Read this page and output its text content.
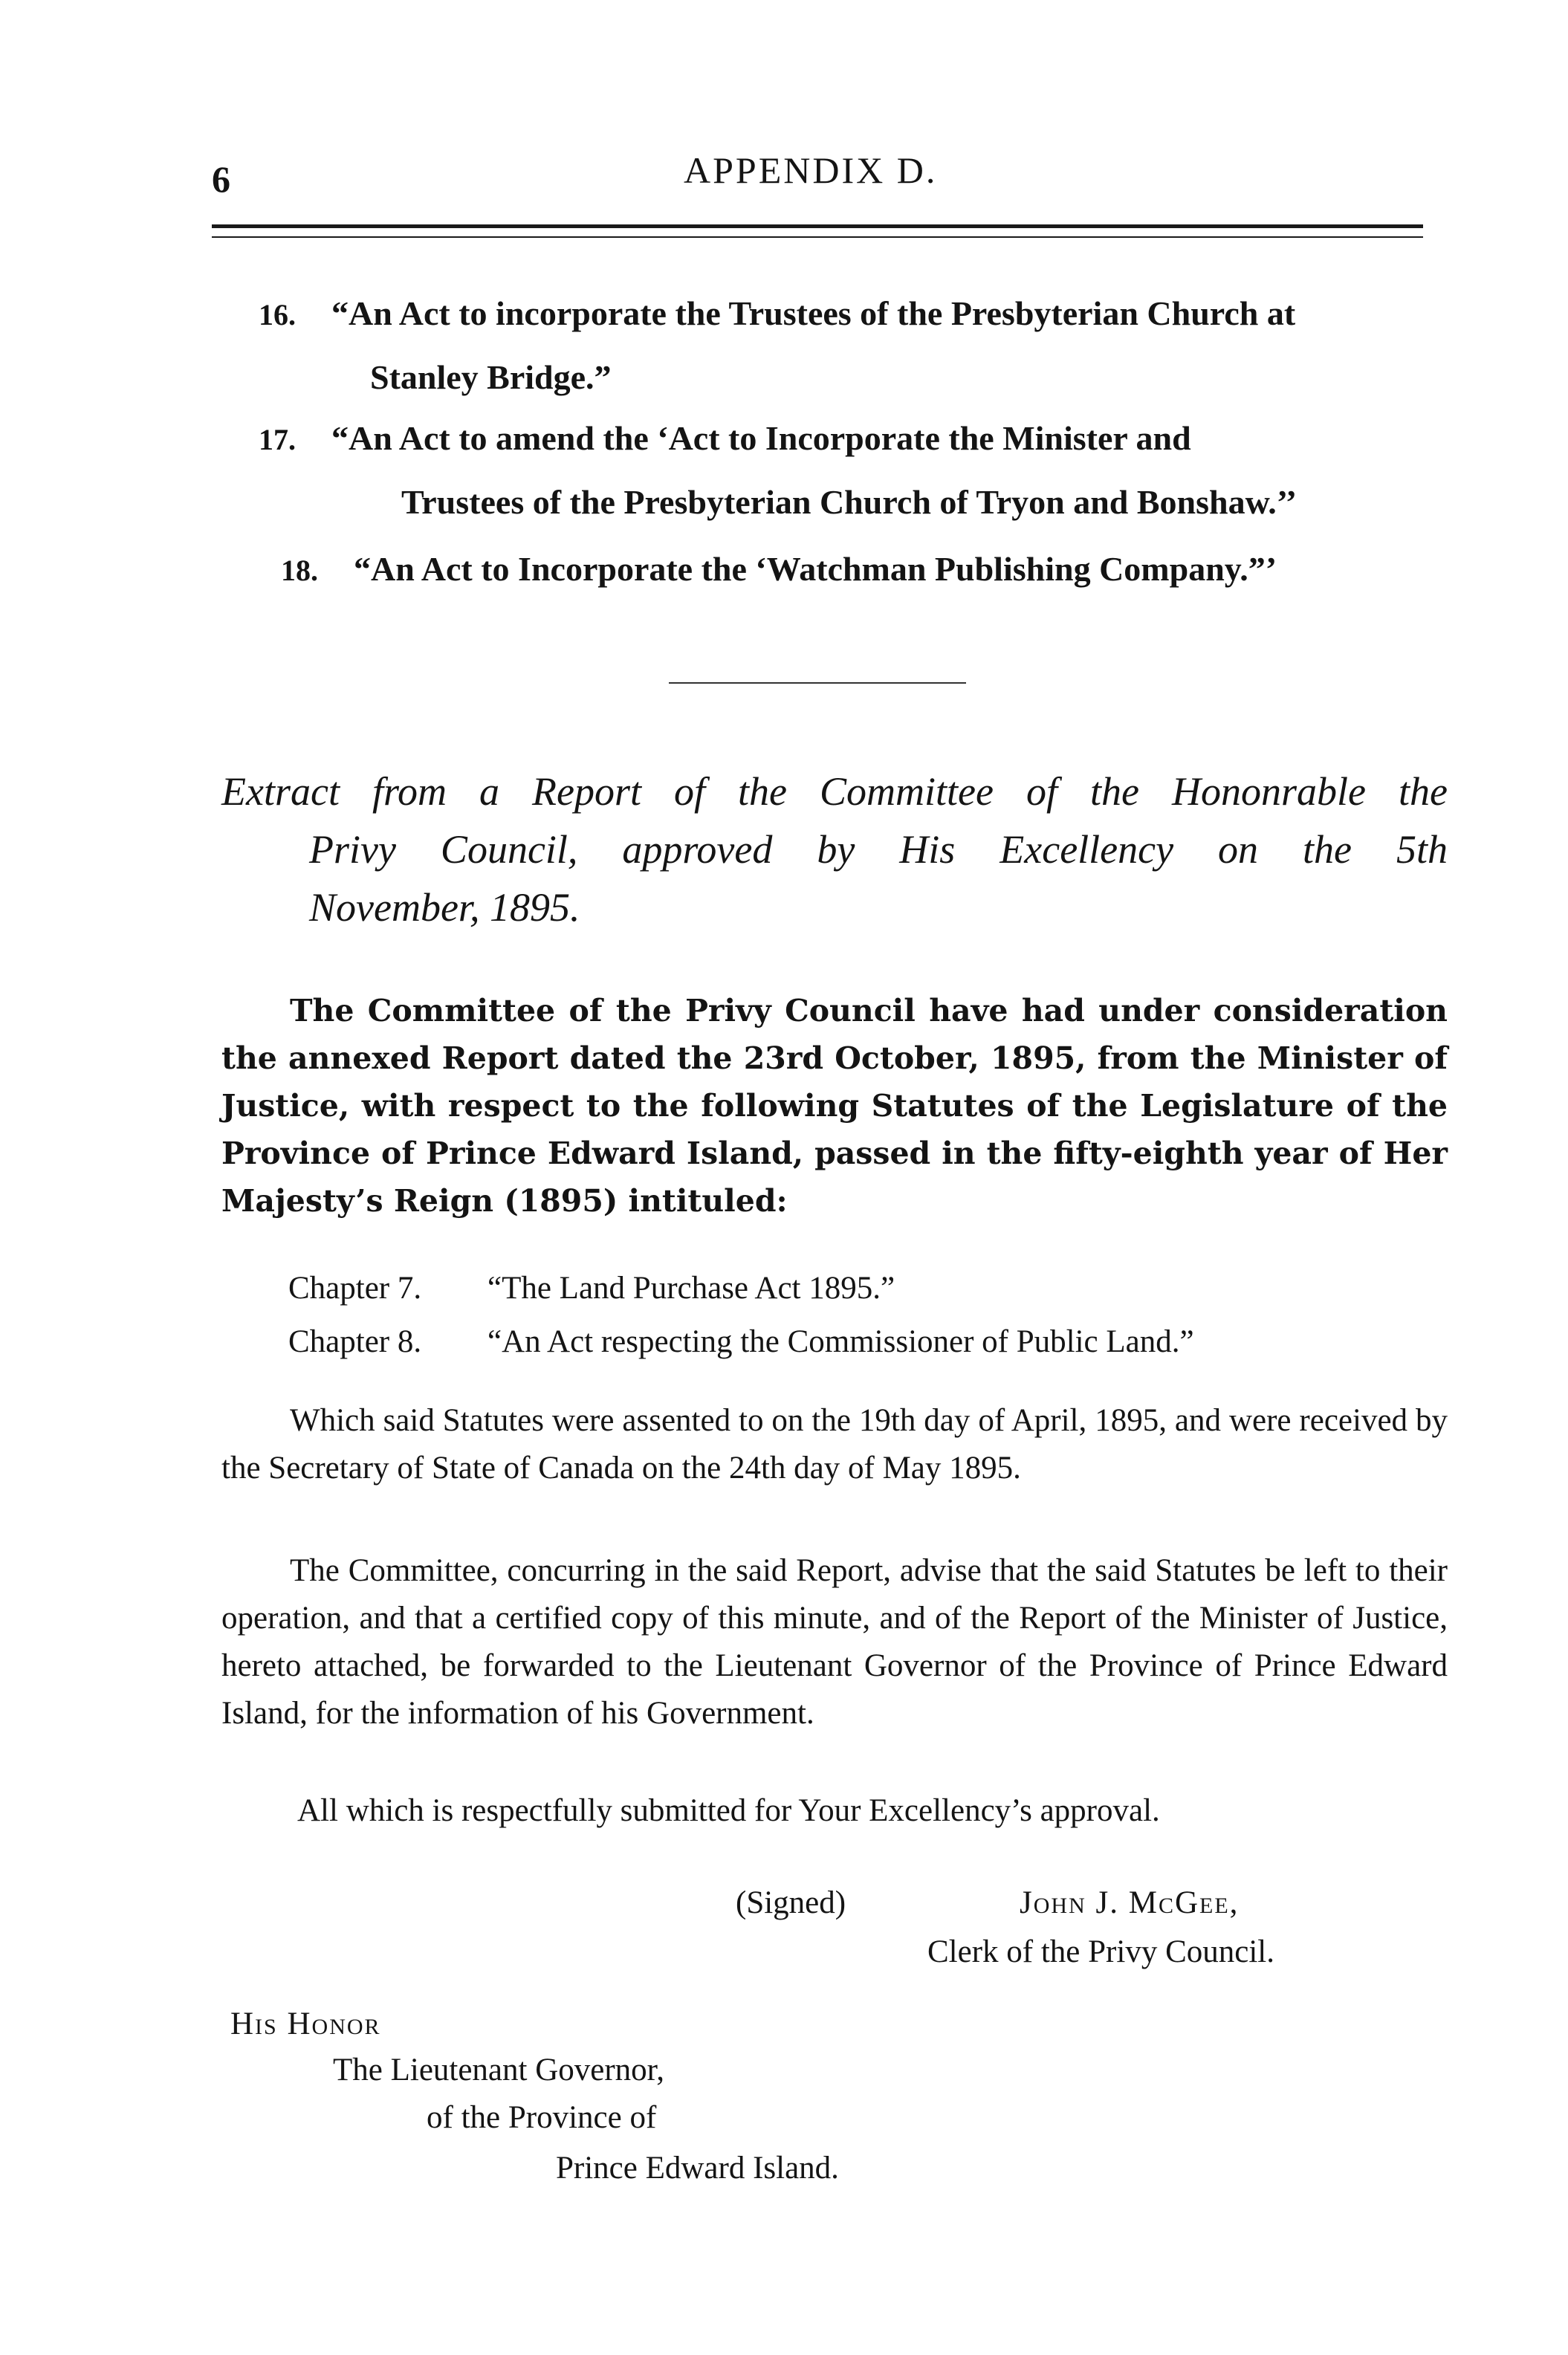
6	APPENDIX D.
16. “An Act to incorporate the Trustees of the Presbyterian Church at
Stanley Bridge.”
17. “An Act to amend the ‘Act to Incorporate the Minister and
Trustees of the Presbyterian Church of Tryon and Bonshaw.’’
18. “An Act to Incorporate the ‘Watchman Publishing Company.”’
Extract from a Report of the Committee of the Hononrable the
Privy Council, approved by His Excellency on the 5th
November, 1895.

The Committee of the Privy Council have had under consideration the annexed Report dated the 23rd October, 1895, from the Minister of Justice, with respect to the following Statutes of the Legislature of the Province of Prince Edward Island, passed in the fifty-eighth year of Her Majesty’s Reign (1895) intituled:

Chapter 7. “The Land Purchase Act 1895.”
Chapter 8. “An Act respecting the Commissioner of Public Land.”

Which said Statutes were assented to on the 19th day of April, 1895, and were received by the Secretary of State of Canada on the 24th day of May 1895.

The Committee, concurring in the said Report, advise that the said Statutes be left to their operation, and that a certified copy of this minute, and of the Report of the Minister of Justice, hereto attached, be forwarded to the Lieutenant Governor of the Province of Prince Edward Island, for the information of his Government.

All which is respectfully submitted for Your Excellency’s approval.

(Signed)	John J. McGee,
Clerk of the Privy Council.
His Honor
The Lieutenant Governor,
of the Province of
Prince Edward Island.
